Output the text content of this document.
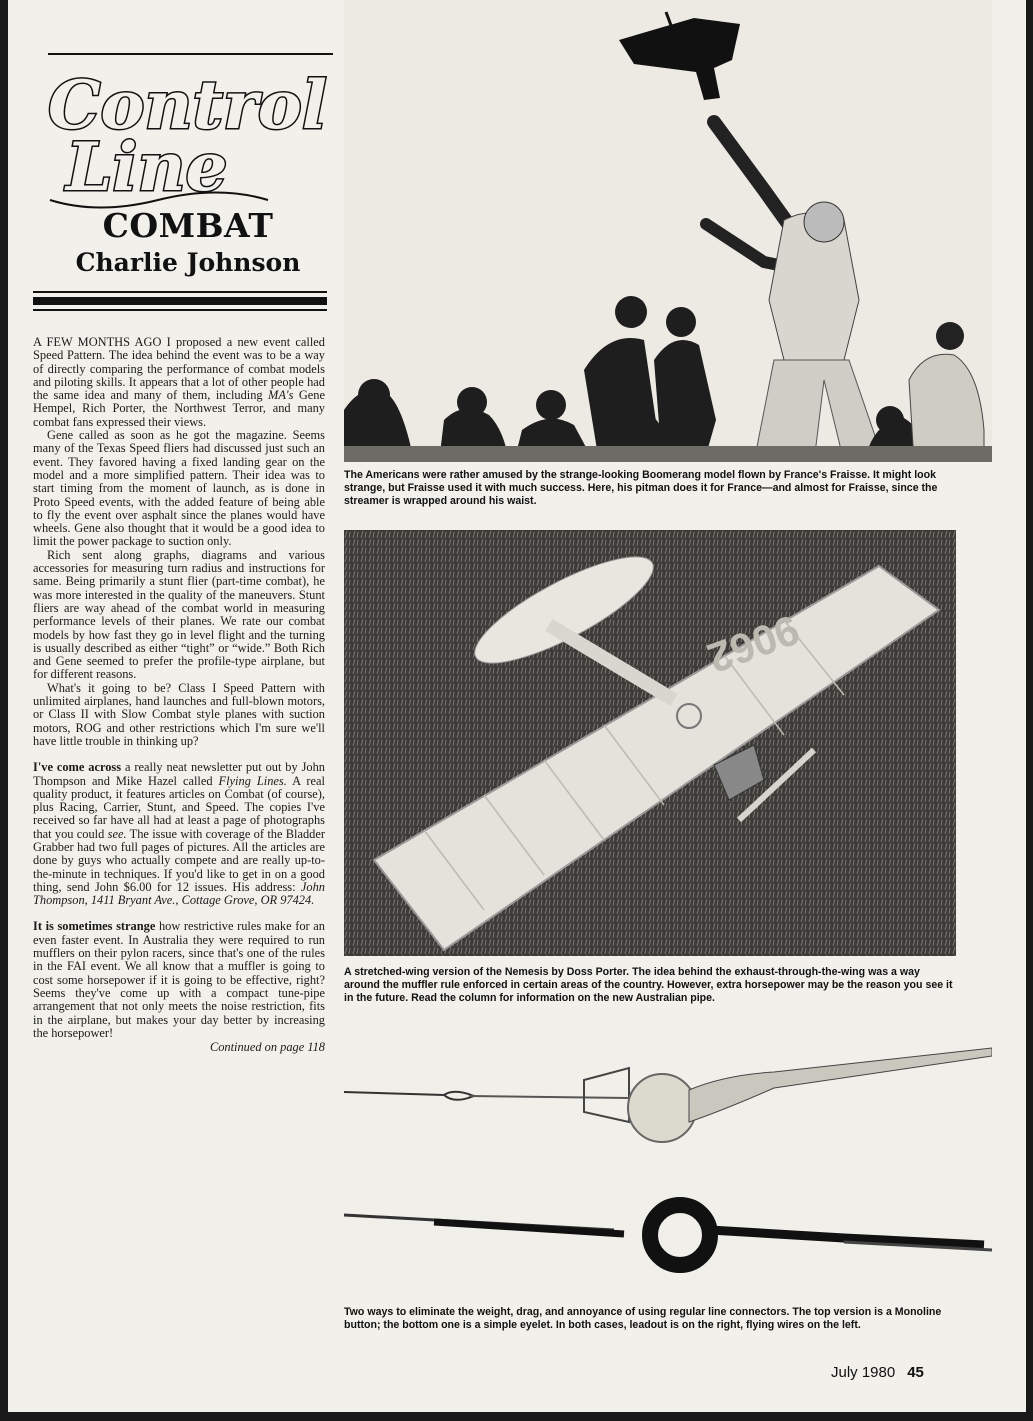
Control
Line
COMBAT
Charlie Johnson

A FEW MONTHS AGO I proposed a new event called Speed Pattern. The idea behind the event was to be a way of directly comparing the performance of combat models and piloting skills. It appears that a lot of other people had the same idea and many of them, including MA's Gene Hempel, Rich Porter, the Northwest Terror, and many combat fans expressed their views.

Gene called as soon as he got the magazine. Seems many of the Texas Speed fliers had discussed just such an event. They favored having a fixed landing gear on the model and a more simplified pattern. Their idea was to start timing from the moment of launch, as is done in Proto Speed events, with the added feature of being able to fly the event over asphalt since the planes would have wheels. Gene also thought that it would be a good idea to limit the power package to suction only.

Rich sent along graphs, diagrams and various accessories for measuring turn radius and instructions for same. Being primarily a stunt flier (part-time combat), he was more interested in the quality of the maneuvers. Stunt fliers are way ahead of the combat world in measuring performance levels of their planes. We rate our combat models by how fast they go in level flight and the turning is usually described as either “tight” or “wide.” Both Rich and Gene seemed to prefer the profile-type airplane, but for different reasons.

What's it going to be? Class I Speed Pattern with unlimited airplanes, hand launches and full-blown motors, or Class II with Slow Combat style planes with suction motors, ROG and other restrictions which I'm sure we'll have little trouble in thinking up?

I've come across a really neat newsletter put out by John Thompson and Mike Hazel called Flying Lines. A real quality product, it features articles on Combat (of course), plus Racing, Carrier, Stunt, and Speed. The copies I've received so far have all had at least a page of photographs that you could see. The issue with coverage of the Bladder Grabber had two full pages of pictures. All the articles are done by guys who actually compete and are really up-to-the-minute in techniques. If you'd like to get in on a good thing, send John $6.00 for 12 issues. His address: John Thompson, 1411 Bryant Ave., Cottage Grove, OR 97424.

It is sometimes strange how restrictive rules make for an even faster event. In Australia they were required to run mufflers on their pylon racers, since that's one of the rules in the FAI event. We all know that a muffler is going to cost some horsepower if it is going to be effective, right? Seems they've come up with a compact tune-pipe arrangement that not only meets the noise restriction, fits in the airplane, but makes your day better by increasing the horsepower!

Continued on page 118
The Americans were rather amused by the strange-looking Boomerang model flown by France's Fraisse. It might look strange, but Fraisse used it with much success. Here, his pitman does it for France—and almost for Fraisse, since the streamer is wrapped around his waist.
9062
A stretched-wing version of the Nemesis by Doss Porter. The idea behind the exhaust-through-the-wing was a way around the muffler rule enforced in certain areas of the country. However, extra horsepower may be the reason you see it in the future. Read the column for information on the new Australian pipe.
Two ways to eliminate the weight, drag, and annoyance of using regular line connectors. The top version is a Monoline button; the bottom one is a simple eyelet. In both cases, leadout is on the right, flying wires on the left.
July 1980 45
